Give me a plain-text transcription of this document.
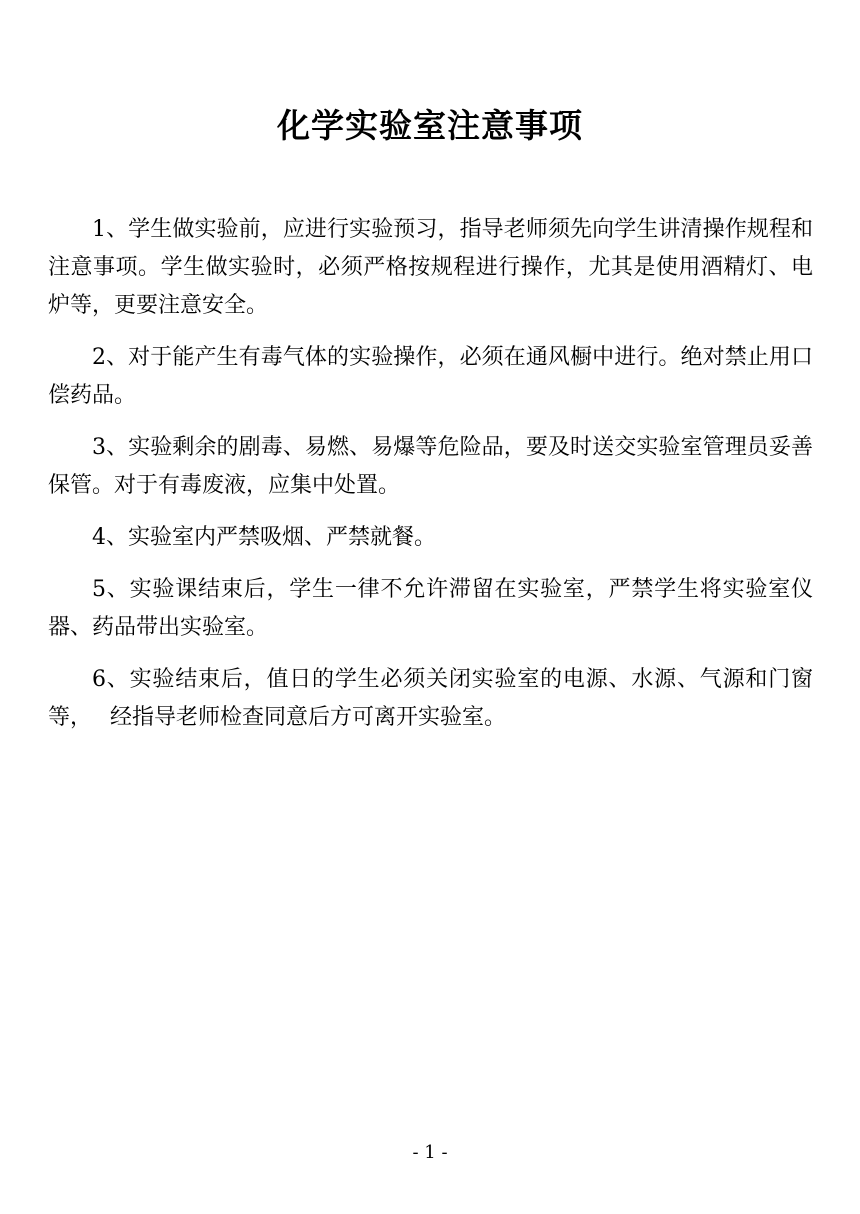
化学实验室注意事项

1、学生做实验前，应进行实验预习，指导老师须先向学生讲清操作规程和注意事项。学生做实验时，必须严格按规程进行操作，尤其是使用酒精灯、电炉等，更要注意安全。

2、对于能产生有毒气体的实验操作，必须在通风橱中进行。绝对禁止用口偿药品。

3、实验剩余的剧毒、易燃、易爆等危险品，要及时送交实验室管理员妥善保管。对于有毒废液，应集中处置。

4、实验室内严禁吸烟、严禁就餐。

5、实验课结束后，学生一律不允许滞留在实验室，严禁学生将实验室仪器、药品带出实验室。

6、实验结束后，值日的学生必须关闭实验室的电源、水源、气源和门窗等，　 经指导老师检查同意后方可离开实验室。

- 1 -
